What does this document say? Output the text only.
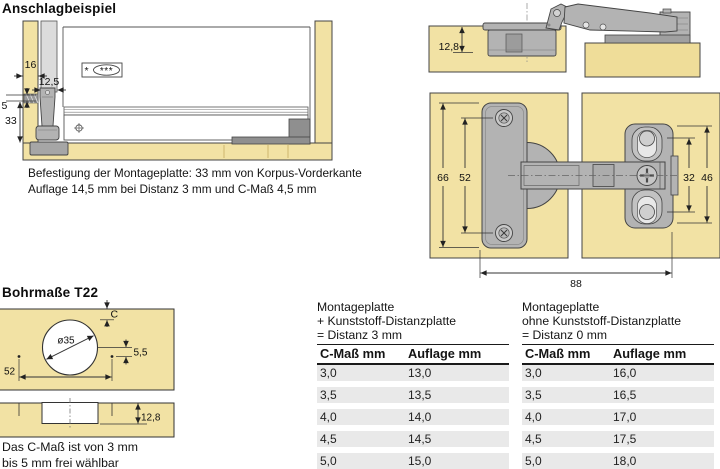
Anschlagbeispiel
* ***
16
12,5
5
33
Befestigung der Montageplatte: 33 mm von Korpus-Vorderkante
Auflage 14,5 mm bei Distanz 3 mm und C-Maß 4,5 mm
12,8
66 52	32 46
88
Bohrmaße T22
ø35
C
5,5
52
12,8
Das C-Maß ist von 3 mm
bis 5 mm frei wählbar
Montageplatte
+ Kunststoff-Distanzplatte
= Distanz 3 mm
C-Maß mm	Auflage mm
3,0	13,0
3,5	13,5
4,0	14,0
4,5	14,5
5,0	15,0
Montageplatte
ohne Kunststoff-Distanzplatte
= Distanz 0 mm
C-Maß mm	Auflage mm
3,0	16,0
3,5	16,5
4,0	17,0
4,5	17,5
5,0	18,0
